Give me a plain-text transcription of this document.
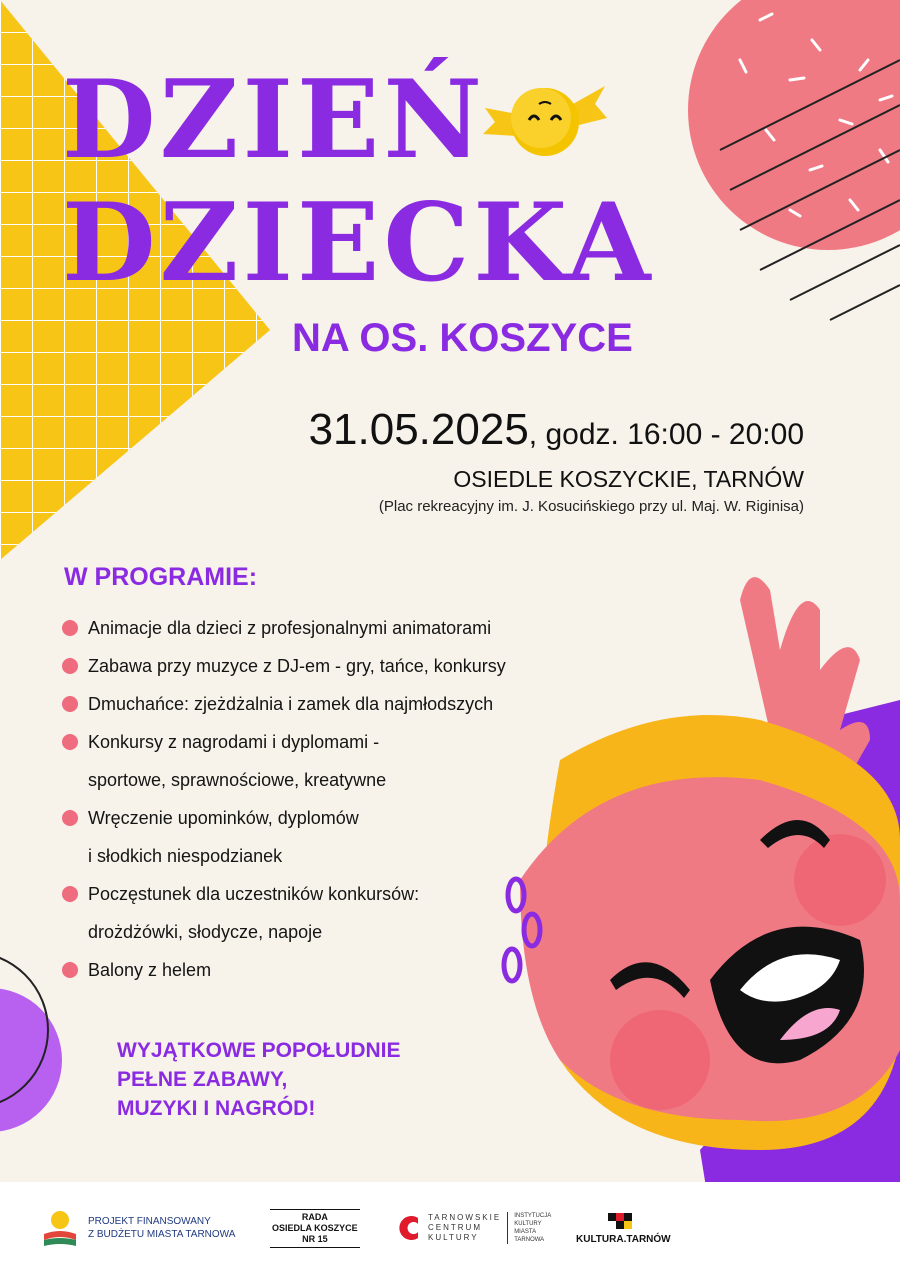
DZIEŃ
DZIECKA
NA OS. KOSZYCE
31.05.2025, godz. 16:00 - 20:00
OSIEDLE KOSZYCKIE, TARNÓW
(Plac rekreacyjny im. J. Kosucińskiego przy ul. Maj. W. Riginisa)
W PROGRAMIE:
Animacje dla dzieci z profesjonalnymi animatorami
Zabawa przy muzyce z DJ-em - gry, tańce, konkursy
Dmuchańce: zjeżdżalnia i zamek dla najmłodszych
Konkursy z nagrodami i dyplomami -
sportowe, sprawnościowe, kreatywne
Wręczenie upominków, dyplomów
i słodkich niespodzianek
Poczęstunek dla uczestników konkursów:
drożdżówki, słodycze, napoje
Balony z helem
WYJĄTKOWE POPOŁUDNIE
PEŁNE ZABAWY,
MUZYKI I NAGRÓD!
PROJEKT FINANSOWANY
Z BUDŻETU MIASTA TARNOWA
RADA
OSIEDLA KOSZYCE
NR 15
TARNOWSKIE
CENTRUM
KULTURY
INSTYTUCJA
KULTURY
MIASTA
TARNOWA	KULTURA.TARNÓW
